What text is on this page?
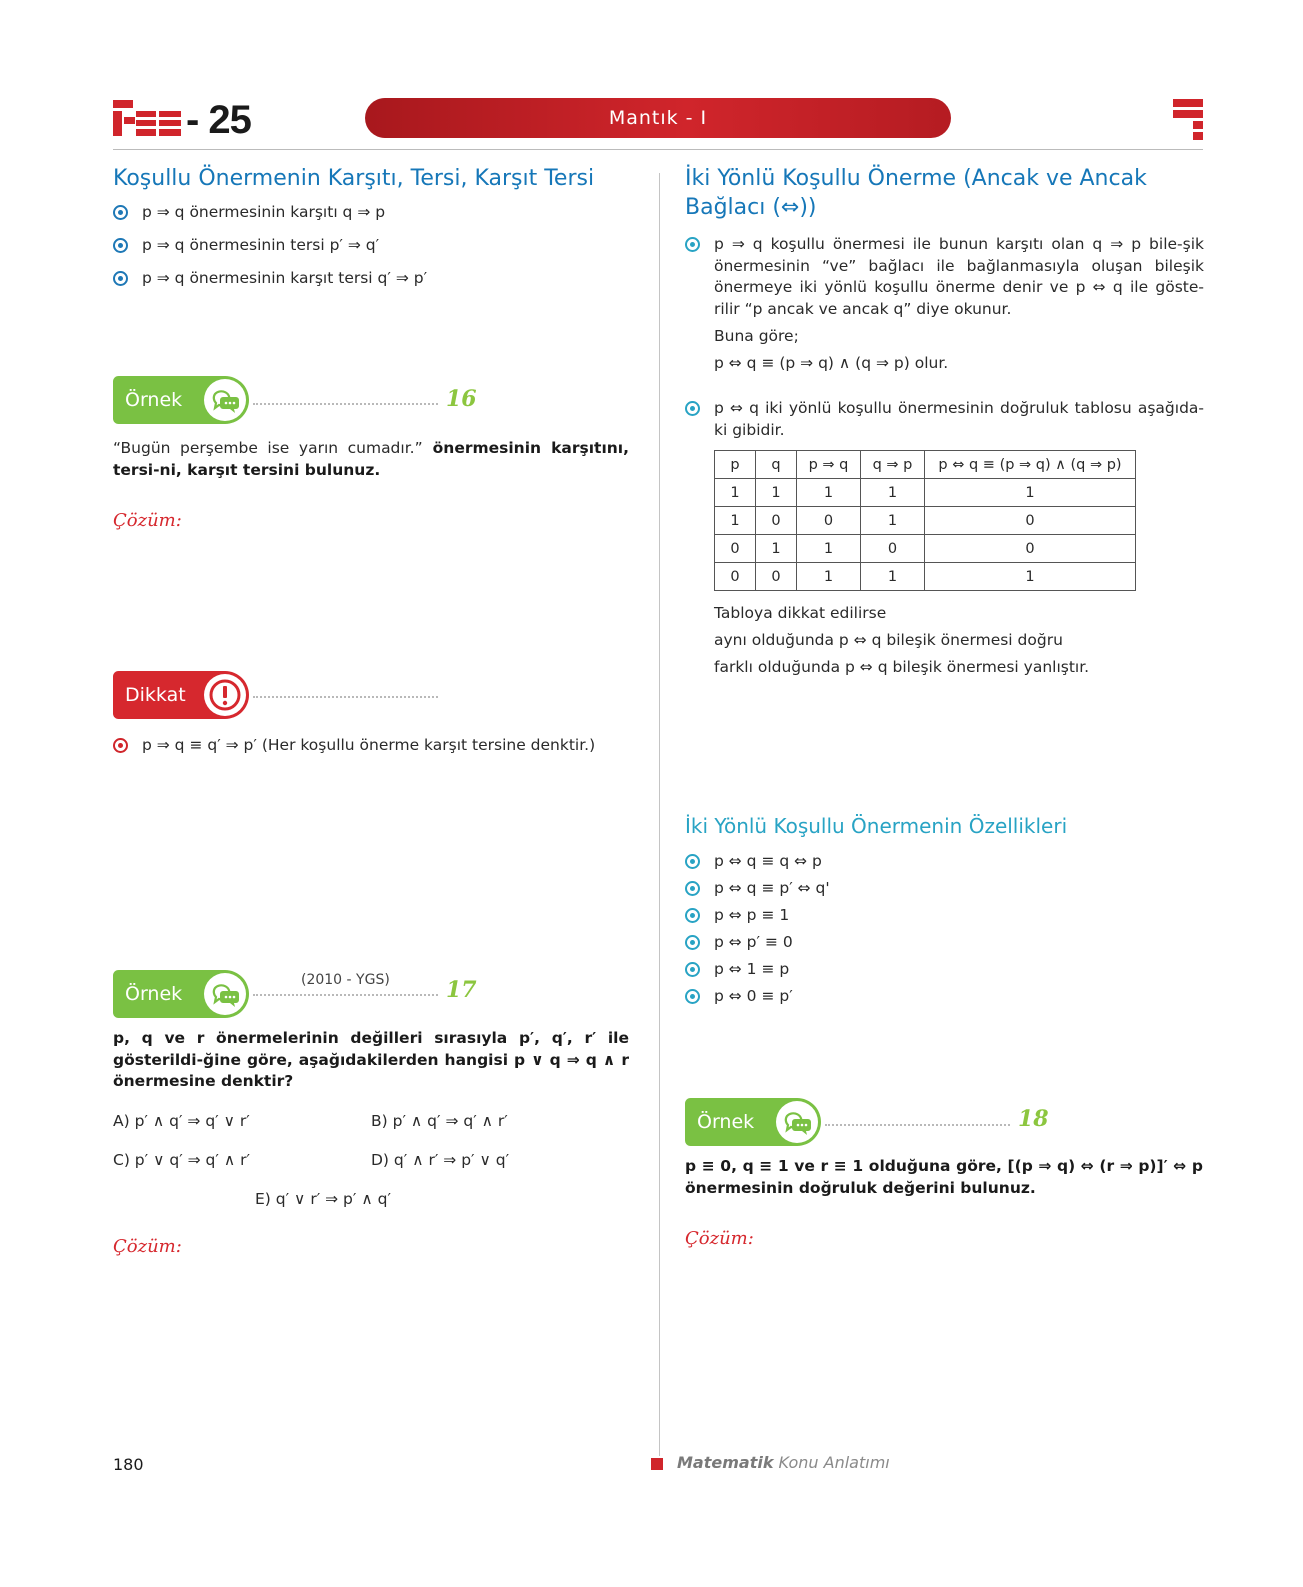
- 25	Mantık - I
Koşullu Önermenin Karşıtı, Tersi, Karşıt Tersi
p ⇒ q önermesinin karşıtı q ⇒ p
p ⇒ q önermesinin tersi p′ ⇒ q′
p ⇒ q önermesinin karşıt tersi q′ ⇒ p′
Örnek	16
“Bugün perşembe ise yarın cumadır.” önermesinin karşıtını, tersi-ni, karşıt tersini bulunuz.
Çözüm:
Dikkat
p ⇒ q ≡ q′ ⇒ p′ (Her koşullu önerme karşıt tersine denktir.)
Örnek
(2010 - YGS)	17
p, q ve r önermelerinin değilleri sırasıyla p′, q′, r′ ile gösterildi-ğine göre, aşağıdakilerden hangisi p ∨ q ⇒ q ∧ r önermesine denktir?
A) p′ ∧ q′ ⇒ q′ ∨ r′	B) p′ ∧ q′ ⇒ q′ ∧ r′
C) p′ ∨ q′ ⇒ q′ ∧ r′	D) q′ ∧ r′ ⇒ p′ ∨ q′
E) q′ ∨ r′ ⇒ p′ ∧ q′
Çözüm:
İki Yönlü Koşullu Önerme (Ancak ve Ancak
Bağlacı (⇔))
p ⇒ q koşullu önermesi ile bunun karşıtı olan q ⇒ p bile-şik önermesinin “ve” bağlacı ile bağlanmasıyla oluşan bileşik önermeye iki yönlü koşullu önerme denir ve p ⇔ q ile göste-rilir “p ancak ve ancak q” diye okunur.
Buna göre;
p ⇔ q ≡ (p ⇒ q) ∧ (q ⇒ p) olur.
p ⇔ q iki yönlü koşullu önermesinin doğruluk tablosu aşağıda-ki gibidir.
p	q	p ⇒ q	q ⇒ p	p ⇔ q ≡ (p ⇒ q) ∧ (q ⇒ p)
1	1	1	1	1
1	0	0	1	0
0	1	1	0	0
0	0	1	1	1
Tabloya dikkat edilirse
aynı olduğunda p ⇔ q bileşik önermesi doğru
farklı olduğunda p ⇔ q bileşik önermesi yanlıştır.
İki Yönlü Koşullu Önermenin Özellikleri
p ⇔ q ≡ q ⇔ p
p ⇔ q ≡ p′ ⇔ q'
p ⇔ p ≡ 1
p ⇔ p′ ≡ 0
p ⇔ 1 ≡ p
p ⇔ 0 ≡ p′
Örnek	18
p ≡ 0, q ≡ 1 ve r ≡ 1 olduğuna göre, [(p ⇒ q) ⇔ (r ⇒ p)]′ ⇔ p önermesinin doğruluk değerini bulunuz.
Çözüm:
180	Matematik Konu Anlatımı
